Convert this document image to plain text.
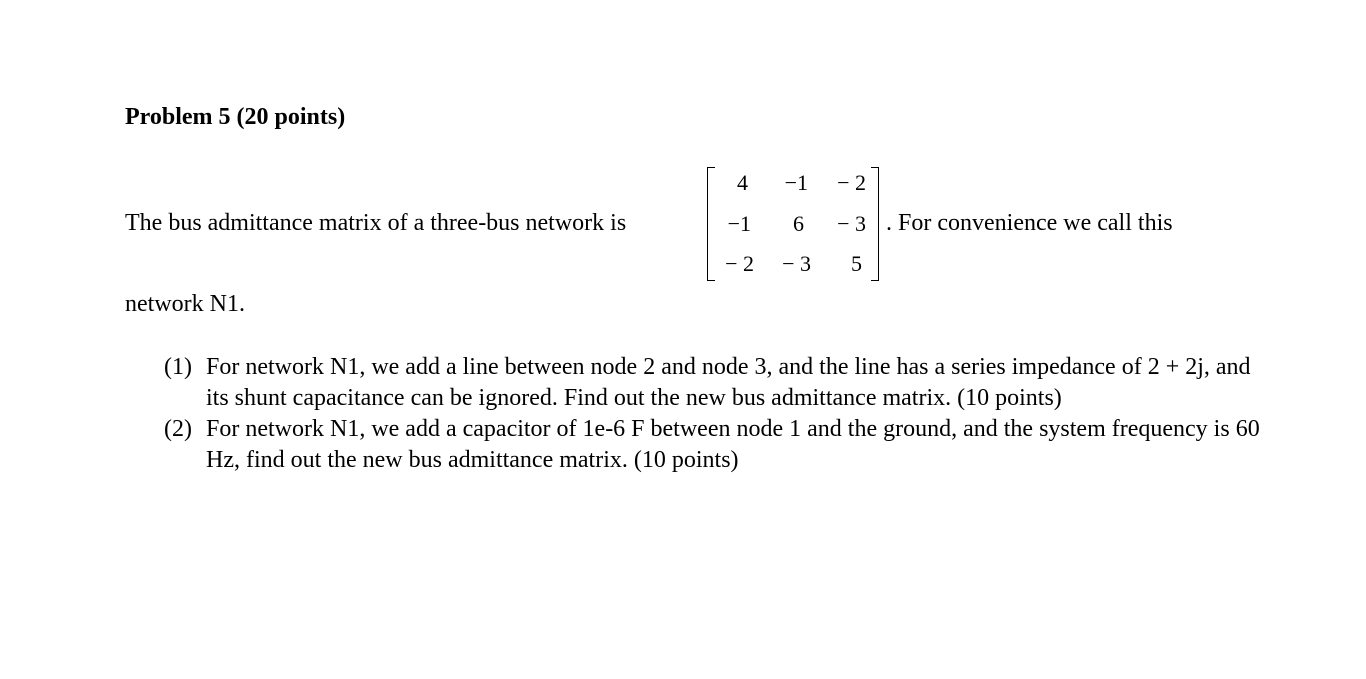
Problem 5 (20 points)
The bus admittance matrix of a three-bus network is
4	−1	− 2
−1	6	− 3
− 2	− 3	5
. For convenience we call this
network N1.
(1) For network N1, we add a line between node 2 and node 3, and the line has a series impedance of 2 + 2j, and its shunt capacitance can be ignored. Find out the new bus admittance matrix. (10 points)
(2) For network N1, we add a capacitor of 1e-6 F between node 1 and the ground, and the system frequency is 60 Hz, find out the new bus admittance matrix. (10 points)
